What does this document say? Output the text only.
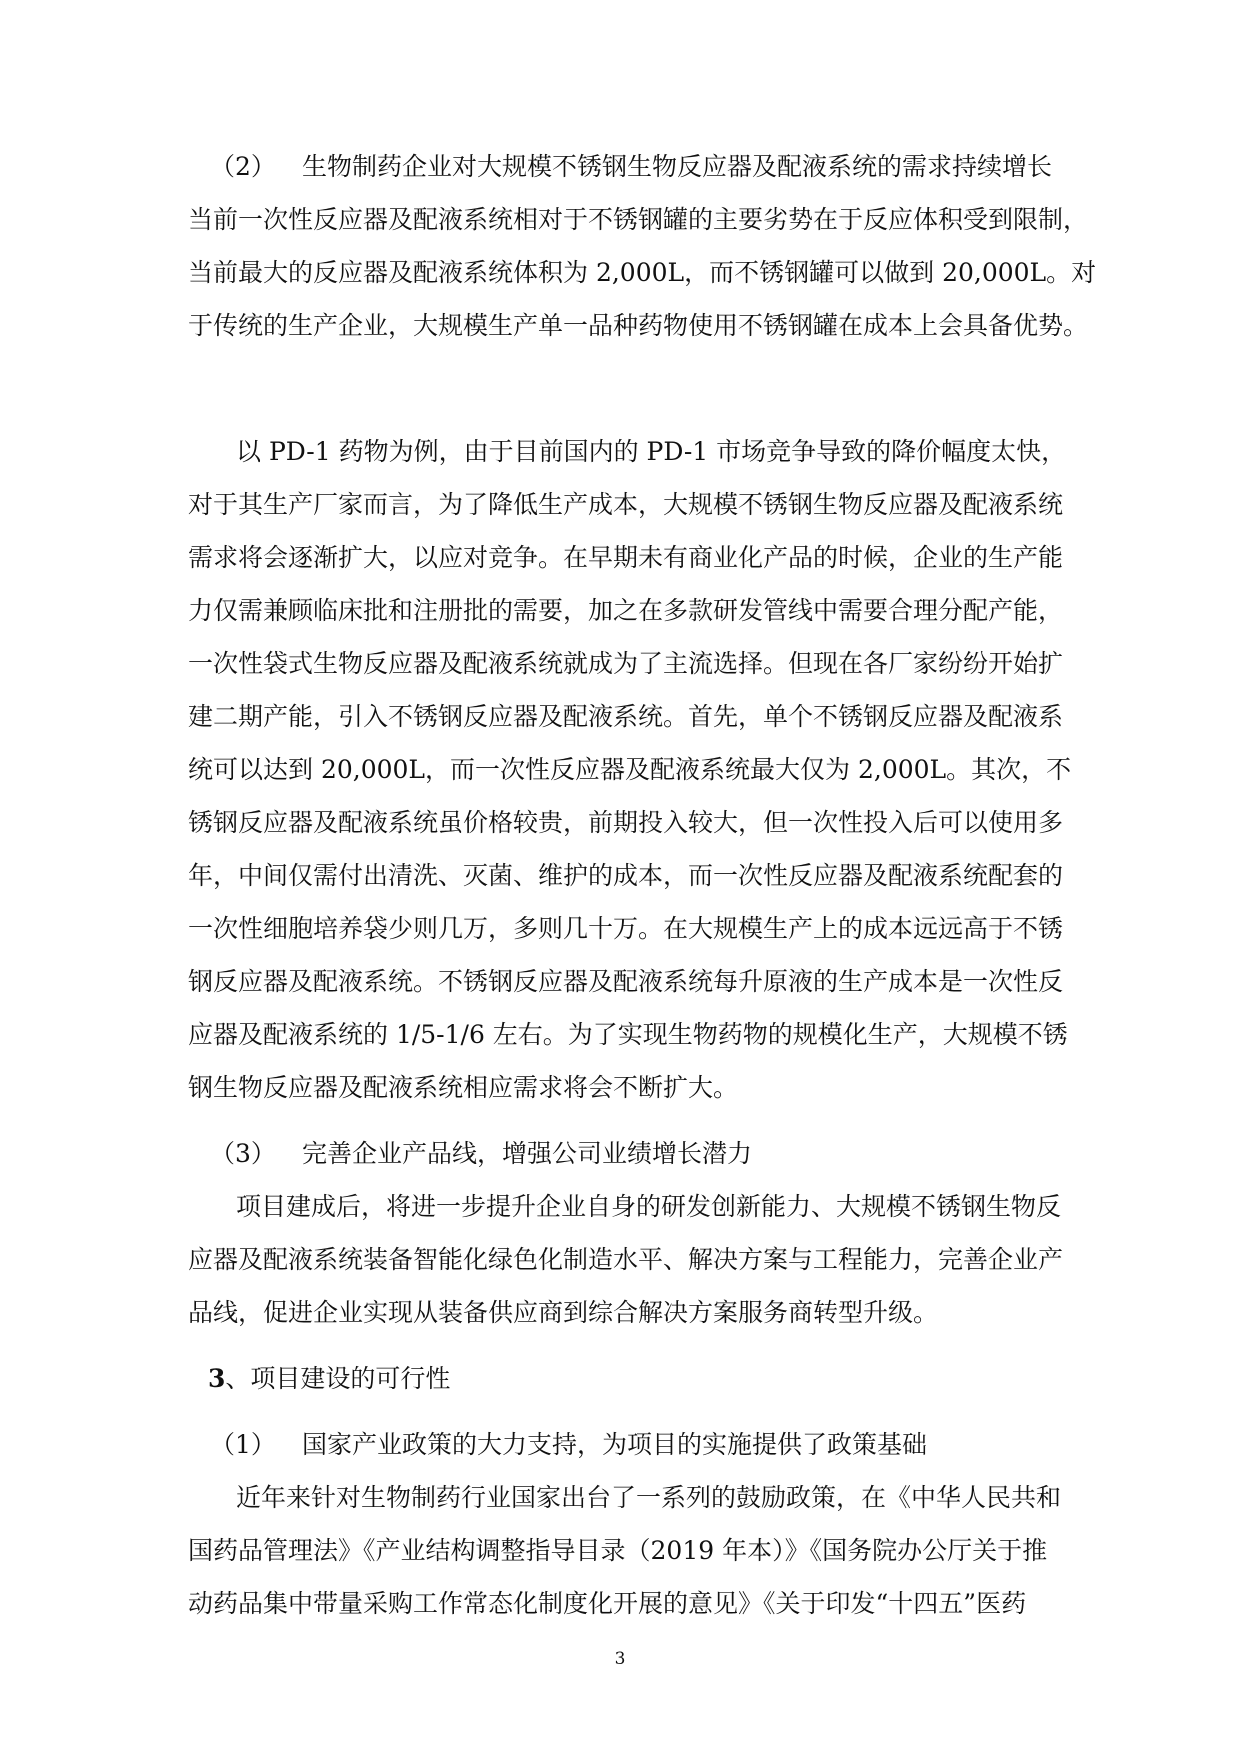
（2） 生物制药企业对大规模不锈钢生物反应器及配液系统的需求持续增长
当前一次性反应器及配液系统相对于不锈钢罐的主要劣势在于反应体积受到限制，
当前最大的反应器及配液系统体积为 2,000L，而不锈钢罐可以做到 20,000L。对
于传统的生产企业，大规模生产单一品种药物使用不锈钢罐在成本上会具备优势。
以 PD-1 药物为例，由于目前国内的 PD-1 市场竞争导致的降价幅度太快，
对于其生产厂家而言，为了降低生产成本，大规模不锈钢生物反应器及配液系统
需求将会逐渐扩大，以应对竞争。在早期未有商业化产品的时候，企业的生产能
力仅需兼顾临床批和注册批的需要，加之在多款研发管线中需要合理分配产能，
一次性袋式生物反应器及配液系统就成为了主流选择。但现在各厂家纷纷开始扩
建二期产能，引入不锈钢反应器及配液系统。首先，单个不锈钢反应器及配液系
统可以达到 20,000L，而一次性反应器及配液系统最大仅为 2,000L。其次，不
锈钢反应器及配液系统虽价格较贵，前期投入较大，但一次性投入后可以使用多
年，中间仅需付出清洗、灭菌、维护的成本，而一次性反应器及配液系统配套的
一次性细胞培养袋少则几万，多则几十万。在大规模生产上的成本远远高于不锈
钢反应器及配液系统。不锈钢反应器及配液系统每升原液的生产成本是一次性反
应器及配液系统的 1/5-1/6 左右。为了实现生物药物的规模化生产，大规模不锈
钢生物反应器及配液系统相应需求将会不断扩大。
（3） 完善企业产品线，增强公司业绩增长潜力
项目建成后，将进一步提升企业自身的研发创新能力、大规模不锈钢生物反
应器及配液系统装备智能化绿色化制造水平、解决方案与工程能力，完善企业产
品线，促进企业实现从装备供应商到综合解决方案服务商转型升级。
3、项目建设的可行性
（1） 国家产业政策的大力支持，为项目的实施提供了政策基础
近年来针对生物制药行业国家出台了一系列的鼓励政策，在《中华人民共和
国药品管理法》《产业结构调整指导目录（2019 年本）》《国务院办公厅关于推
动药品集中带量采购工作常态化制度化开展的意见》《关于印发“十四五”医药
3
